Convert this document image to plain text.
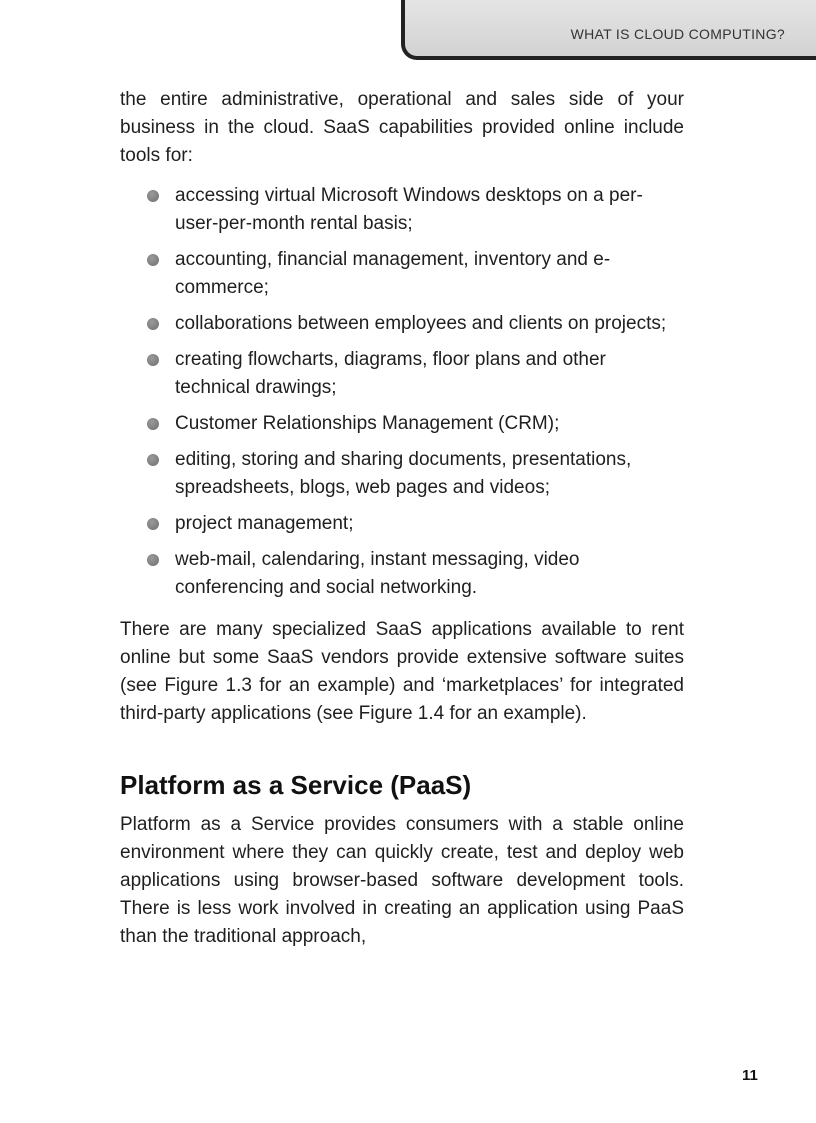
WHAT IS CLOUD COMPUTING?

the entire administrative, operational and sales side of your business in the cloud. SaaS capabilities provided online include tools for:

accessing virtual Microsoft Windows desktops on a per-user-per-month rental basis;
accounting, financial management, inventory and e-commerce;
collaborations between employees and clients on projects;
creating flowcharts, diagrams, floor plans and other technical drawings;
Customer Relationships Management (CRM);
editing, storing and sharing documents, presentations, spreadsheets, blogs, web pages and videos;
project management;
web-mail, calendaring, instant messaging, video conferencing and social networking.

There are many specialized SaaS applications available to rent online but some SaaS vendors provide extensive software suites (see Figure 1.3 for an example) and ‘marketplaces’ for integrated third-party applications (see Figure 1.4 for an example).

Platform as a Service (PaaS)

Platform as a Service provides consumers with a stable online environment where they can quickly create, test and deploy web applications using browser-based software development tools. There is less work involved in creating an application using PaaS than the traditional approach,

11
